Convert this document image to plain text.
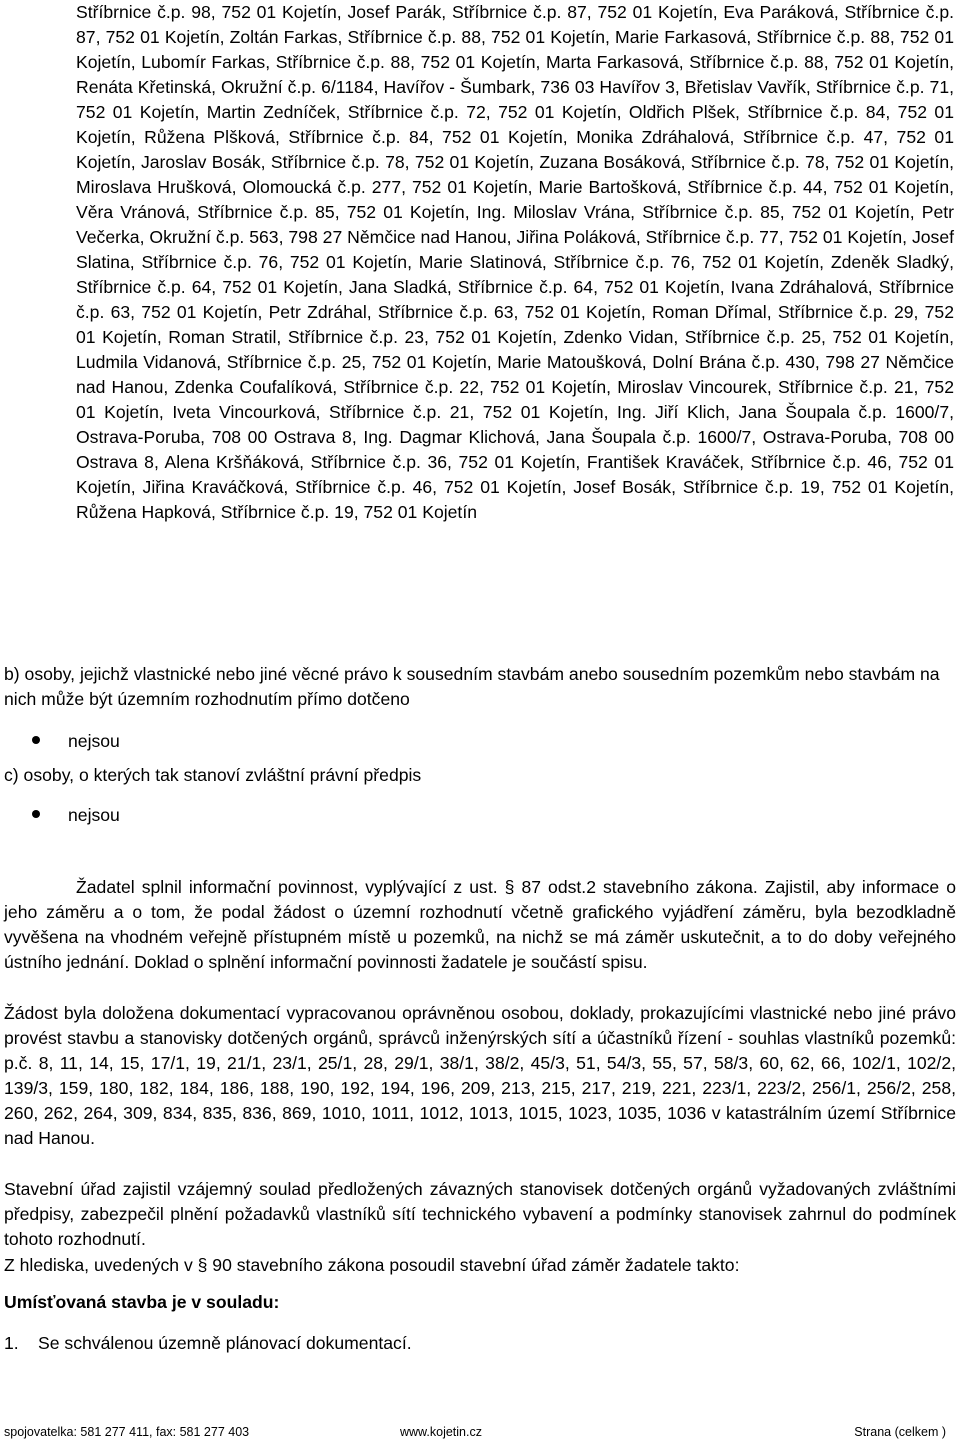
Stříbrnice č.p. 98, 752 01 Kojetín, Josef Parák, Stříbrnice č.p. 87, 752 01 Kojetín, Eva Paráková, Stříbrnice č.p. 87, 752 01 Kojetín, Zoltán Farkas, Stříbrnice č.p. 88, 752 01 Kojetín, Marie Farkasová, Stříbrnice č.p. 88, 752 01 Kojetín, Lubomír Farkas, Stříbrnice č.p. 88, 752 01 Kojetín, Marta Farkasová, Stříbrnice č.p. 88, 752 01 Kojetín, Renáta Křetinská, Okružní č.p. 6/1184, Havířov - Šumbark, 736 03 Havířov 3, Břetislav Vavřík, Stříbrnice č.p. 71, 752 01 Kojetín, Martin Zedníček, Stříbrnice č.p. 72, 752 01 Kojetín, Oldřich Plšek, Stříbrnice č.p. 84, 752 01 Kojetín, Růžena Plšková, Stříbrnice č.p. 84, 752 01 Kojetín, Monika Zdráhalová, Stříbrnice č.p. 47, 752 01 Kojetín, Jaroslav Bosák, Stříbrnice č.p. 78, 752 01 Kojetín, Zuzana Bosáková, Stříbrnice č.p. 78, 752 01 Kojetín, Miroslava Hrušková, Olomoucká č.p. 277, 752 01 Kojetín, Marie Bartošková, Stříbrnice č.p. 44, 752 01 Kojetín, Věra Vránová, Stříbrnice č.p. 85, 752 01 Kojetín, Ing. Miloslav Vrána, Stříbrnice č.p. 85, 752 01 Kojetín, Petr Večerka, Okružní č.p. 563, 798 27 Němčice nad Hanou, Jiřina Poláková, Stříbrnice č.p. 77, 752 01 Kojetín, Josef Slatina, Stříbrnice č.p. 76, 752 01 Kojetín, Marie Slatinová, Stříbrnice č.p. 76, 752 01 Kojetín, Zdeněk Sladký, Stříbrnice č.p. 64, 752 01 Kojetín, Jana Sladká, Stříbrnice č.p. 64, 752 01 Kojetín, Ivana Zdráhalová, Stříbrnice č.p. 63, 752 01 Kojetín, Petr Zdráhal, Stříbrnice č.p. 63, 752 01 Kojetín, Roman Dřímal, Stříbrnice č.p. 29, 752 01 Kojetín, Roman Stratil, Stříbrnice č.p. 23, 752 01 Kojetín, Zdenko Vidan, Stříbrnice č.p. 25, 752 01 Kojetín, Ludmila Vidanová, Stříbrnice č.p. 25, 752 01 Kojetín, Marie Matoušková, Dolní Brána č.p. 430, 798 27 Němčice nad Hanou, Zdenka Coufalíková, Stříbrnice č.p. 22, 752 01 Kojetín, Miroslav Vincourek, Stříbrnice č.p. 21, 752 01 Kojetín, Iveta Vincourková, Stříbrnice č.p. 21, 752 01 Kojetín, Ing. Jiří Klich, Jana Šoupala č.p. 1600/7, Ostrava-Poruba, 708 00 Ostrava 8, Ing. Dagmar Klichová, Jana Šoupala č.p. 1600/7, Ostrava-Poruba, 708 00 Ostrava 8, Alena Kršňáková, Stříbrnice č.p. 36, 752 01 Kojetín, František Kraváček, Stříbrnice č.p. 46, 752 01 Kojetín, Jiřina Kraváčková, Stříbrnice č.p. 46, 752 01 Kojetín, Josef Bosák, Stříbrnice č.p. 19, 752 01 Kojetín, Růžena Hapková, Stříbrnice č.p. 19, 752 01 Kojetín

b) osoby, jejichž vlastnické nebo jiné věcné právo k sousedním stavbám anebo sousedním pozemkům nebo stavbám na nich může být územním rozhodnutím přímo dotčeno

nejsou

c) osoby, o kterých tak stanoví zvláštní právní předpis

nejsou

Žadatel splnil informační povinnost, vyplývající z ust. § 87 odst.2 stavebního zákona. Zajistil, aby informace o jeho záměru a o tom, že podal žádost o územní rozhodnutí včetně grafického vyjádření záměru, byla bezodkladně vyvěšena na vhodném veřejně přístupném místě u pozemků, na nichž se má záměr uskutečnit, a to do doby veřejného ústního jednání. Doklad o splnění informační povinnosti žadatele je součástí spisu.

Žádost byla doložena dokumentací vypracovanou oprávněnou osobou, doklady, prokazujícími vlastnické nebo jiné právo provést stavbu a stanovisky dotčených orgánů, správců inženýrských sítí a účastníků řízení - souhlas vlastníků pozemků: p.č. 8, 11, 14, 15, 17/1, 19, 21/1, 23/1, 25/1, 28, 29/1, 38/1, 38/2, 45/3, 51, 54/3, 55, 57, 58/3, 60, 62, 66, 102/1, 102/2, 139/3, 159, 180, 182, 184, 186, 188, 190, 192, 194, 196, 209, 213, 215, 217, 219, 221, 223/1, 223/2, 256/1, 256/2, 258, 260, 262, 264, 309, 834, 835, 836, 869, 1010, 1011, 1012, 1013, 1015, 1023, 1035, 1036 v katastrálním území Stříbrnice nad Hanou.

Stavební úřad zajistil vzájemný soulad předložených závazných stanovisek dotčených orgánů vyžadovaných zvláštními předpisy, zabezpečil plnění požadavků vlastníků sítí technického vybavení a podmínky stanovisek zahrnul do podmínek tohoto rozhodnutí.

Z hlediska, uvedených v § 90 stavebního zákona posoudil stavební úřad záměr žadatele takto:

Umísťovaná stavba je v souladu:
1. Se schválenou územně plánovací dokumentací.
spojovatelka: 581 277 411, fax: 581 277 403	www.kojetin.cz	Strana (celkem )
